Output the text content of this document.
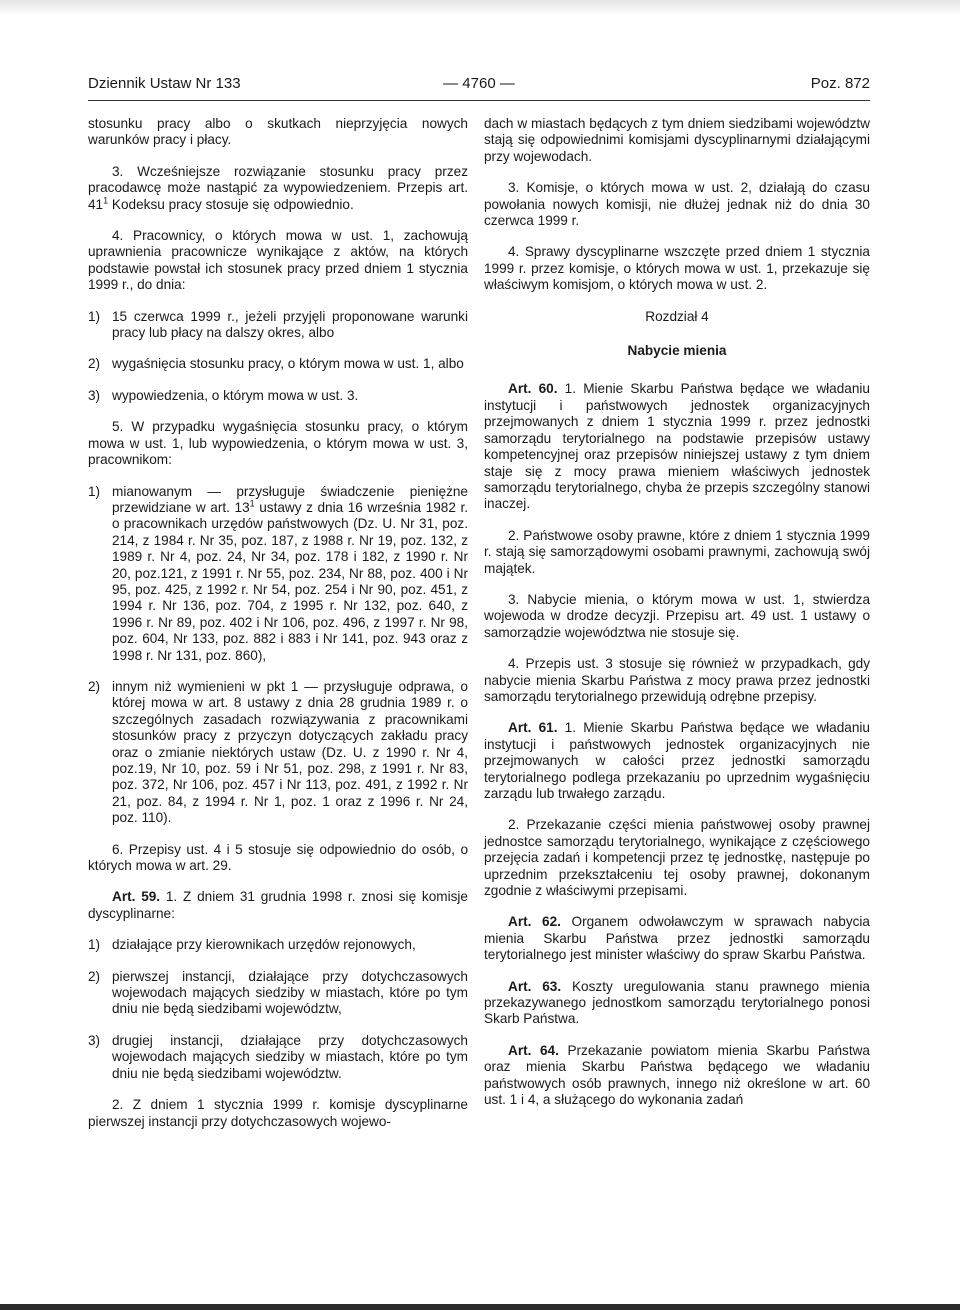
Dziennik Ustaw Nr 133	— 4760 —	Poz. 872

stosunku pracy albo o skutkach nieprzyjęcia nowych warunków pracy i płacy.

3. Wcześniejsze rozwiązanie stosunku pracy przez pracodawcę może nastąpić za wypowiedzeniem. Przepis art. $41^1$ Kodeksu pracy stosuje się odpowiednio.

4. Pracownicy, o których mowa w ust. 1, zachowują uprawnienia pracownicze wynikające z aktów, na których podstawie powstał ich stosunek pracy przed dniem 1 stycznia 1999 r., do dnia:

1) 15 czerwca 1999 r., jeżeli przyjęli proponowane warunki pracy lub płacy na dalszy okres, albo
2) wygaśnięcia stosunku pracy, o którym mowa w ust. 1, albo
3) wypowiedzenia, o którym mowa w ust. 3.

5. W przypadku wygaśnięcia stosunku pracy, o którym mowa w ust. 1, lub wypowiedzenia, o którym mowa w ust. 3, pracownikom:

1) mianowanym — przysługuje świadczenie pieniężne przewidziane w art. $13^1$ ustawy z dnia 16 września 1982 r. o pracownikach urzędów państwowych (Dz. U. Nr 31, poz. 214, z 1984 r. Nr 35, poz. 187, z 1988 r. Nr 19, poz. 132, z 1989 r. Nr 4, poz. 24, Nr 34, poz. 178 i 182, z 1990 r. Nr 20, poz.121, z 1991 r. Nr 55, poz. 234, Nr 88, poz. 400 i Nr 95, poz. 425, z 1992 r. Nr 54, poz. 254 i Nr 90, poz. 451, z 1994 r. Nr 136, poz. 704, z 1995 r. Nr 132, poz. 640, z 1996 r. Nr 89, poz. 402 i Nr 106, poz. 496, z 1997 r. Nr 98, poz. 604, Nr 133, poz. 882 i 883 i Nr 141, poz. 943 oraz z 1998 r. Nr 131, poz. 860),
2) innym niż wymienieni w pkt 1 — przysługuje odprawa, o której mowa w art. 8 ustawy z dnia 28 grudnia 1989 r. o szczególnych zasadach rozwiązywania z pracownikami stosunków pracy z przyczyn dotyczących zakładu pracy oraz o zmianie niektórych ustaw (Dz. U. z 1990 r. Nr 4, poz.19, Nr 10, poz. 59 i Nr 51, poz. 298, z 1991 r. Nr 83, poz. 372, Nr 106, poz. 457 i Nr 113, poz. 491, z 1992 r. Nr 21, poz. 84, z 1994 r. Nr 1, poz. 1 oraz z 1996 r. Nr 24, poz. 110).

6. Przepisy ust. 4 i 5 stosuje się odpowiednio do osób, o których mowa w art. 29.

Art. 59. 1. Z dniem 31 grudnia 1998 r. znosi się komisje dyscyplinarne:

1) działające przy kierownikach urzędów rejonowych,
2) pierwszej instancji, działające przy dotychczasowych wojewodach mających siedziby w miastach, które po tym dniu nie będą siedzibami województw,
3) drugiej instancji, działające przy dotychczasowych wojewodach mających siedziby w miastach, które po tym dniu nie będą siedzibami województw.

2. Z dniem 1 stycznia 1999 r. komisje dyscyplinarne pierwszej instancji przy dotychczasowych wojewo-

dach w miastach będących z tym dniem siedzibami województw stają się odpowiednimi komisjami dyscyplinarnymi działającymi przy wojewodach.

3. Komisje, o których mowa w ust. 2, działają do czasu powołania nowych komisji, nie dłużej jednak niż do dnia 30 czerwca 1999 r.

4. Sprawy dyscyplinarne wszczęte przed dniem 1 stycznia 1999 r. przez komisje, o których mowa w ust. 1, przekazuje się właściwym komisjom, o których mowa w ust. 2.

Rozdział 4
Nabycie mienia

Art. 60. 1. Mienie Skarbu Państwa będące we władaniu instytucji i państwowych jednostek organizacyjnych przejmowanych z dniem 1 stycznia 1999 r. przez jednostki samorządu terytorialnego na podstawie przepisów ustawy kompetencyjnej oraz przepisów niniejszej ustawy z tym dniem staje się z mocy prawa mieniem właściwych jednostek samorządu terytorialnego, chyba że przepis szczególny stanowi inaczej.

2. Państwowe osoby prawne, które z dniem 1 stycznia 1999 r. stają się samorządowymi osobami prawnymi, zachowują swój majątek.

3. Nabycie mienia, o którym mowa w ust. 1, stwierdza wojewoda w drodze decyzji. Przepisu art. 49 ust. 1 ustawy o samorządzie województwa nie stosuje się.

4. Przepis ust. 3 stosuje się również w przypadkach, gdy nabycie mienia Skarbu Państwa z mocy prawa przez jednostki samorządu terytorialnego przewidują odrębne przepisy.

Art. 61. 1. Mienie Skarbu Państwa będące we władaniu instytucji i państwowych jednostek organizacyjnych nie przejmowanych w całości przez jednostki samorządu terytorialnego podlega przekazaniu po uprzednim wygaśnięciu zarządu lub trwałego zarządu.

2. Przekazanie części mienia państwowej osoby prawnej jednostce samorządu terytorialnego, wynikające z częściowego przejęcia zadań i kompetencji przez tę jednostkę, następuje po uprzednim przekształceniu tej osoby prawnej, dokonanym zgodnie z właściwymi przepisami.

Art. 62. Organem odwoławczym w sprawach nabycia mienia Skarbu Państwa przez jednostki samorządu terytorialnego jest minister właściwy do spraw Skarbu Państwa.

Art. 63. Koszty uregulowania stanu prawnego mienia przekazywanego jednostkom samorządu terytorialnego ponosi Skarb Państwa.

Art. 64. Przekazanie powiatom mienia Skarbu Państwa oraz mienia Skarbu Państwa będącego we władaniu państwowych osób prawnych, innego niż określone w art. 60 ust. 1 i 4, a służącego do wykonania zadań
